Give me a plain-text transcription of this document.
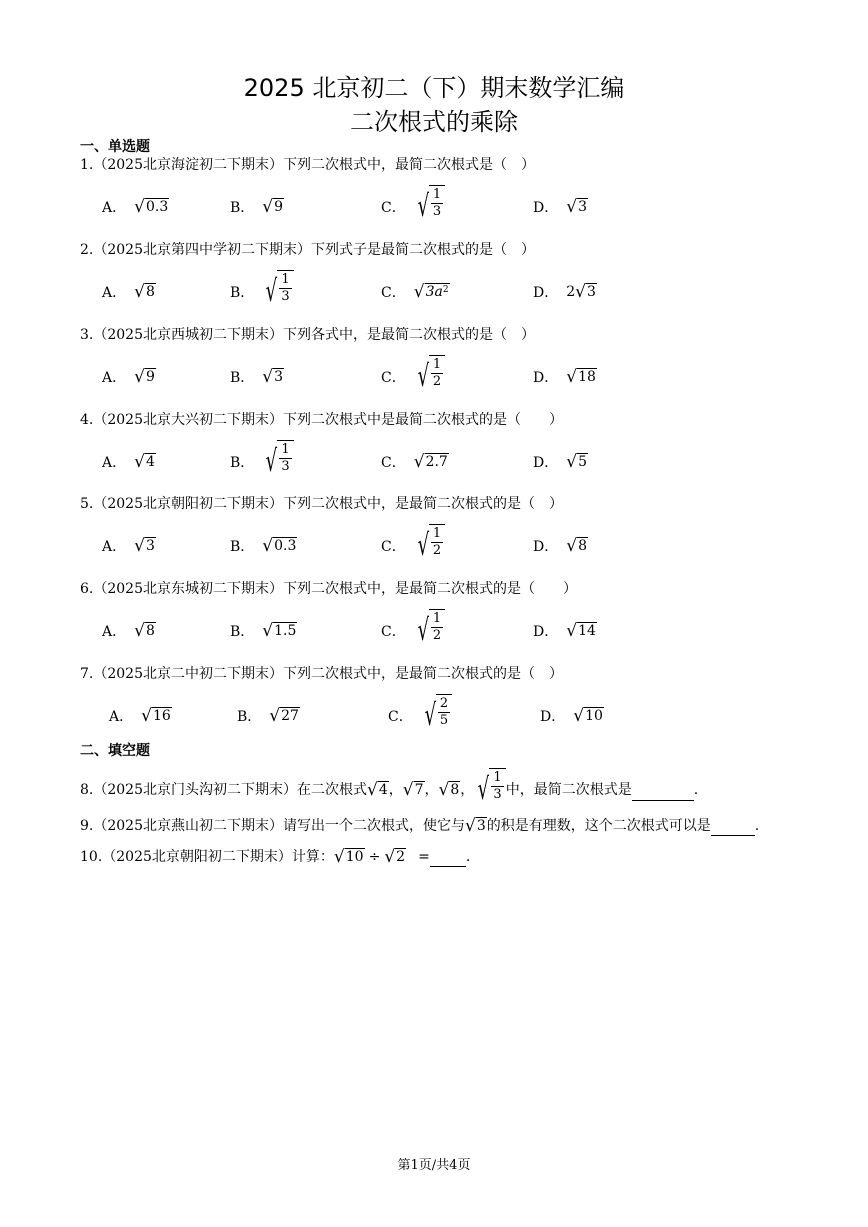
2025 北京初二（下）期末数学汇编
二次根式的乘除
一、单选题
1.（2025北京海淀初二下期末）下列二次根式中，最简二次根式是（　）
A． √ 0.3	B． √ 9	C． √ $\frac{1}{3}$	D． √ 3
2.（2025北京第四中学初二下期末）下列式子是最简二次根式的是（　）
A． √ 8	B． √ $\frac{1}{3}$	C． √ $3a^2$	D． 2 √ 3
3.（2025北京西城初二下期末）下列各式中，是最简二次根式的是（　）
A． √ 9	B． √ 3	C． √ $\frac{1}{2}$	D． √ 18
4.（2025北京大兴初二下期末）下列二次根式中是最简二次根式的是（　　）
A． √ 4	B． √ $\frac{1}{3}$	C． √ 2.7	D． √ 5
5.（2025北京朝阳初二下期末）下列二次根式中，是最简二次根式的是（　）
A． √ 3	B． √ 0.3	C． √ $\frac{1}{2}$	D． √ 8
6.（2025北京东城初二下期末）下列二次根式中，是最简二次根式的是（　　）
A． √ 8	B． √ 1.5	C． √ $\frac{1}{2}$	D． √ 14
7.（2025北京二中初二下期末）下列二次根式中，是最简二次根式的是（　）
A． √ 16	B． √ 27	C． √ $\frac{2}{5}$	D． √ 10
二、填空题
8.（2025北京门头沟初二下期末）在二次根式 √ 4 ， √ 7 ， √ 8 ， √ $\frac{1}{3}$ 中，最简二次根式是
	.
9.（2025北京燕山初二下期末）请写出一个二次根式，使它与 √ 3 的积是有理数，这个二次根式可以是
	.
10.（2025北京朝阳初二下期末）计算： √ 10 ÷ √ 2 =
	.
第1页/共4页
